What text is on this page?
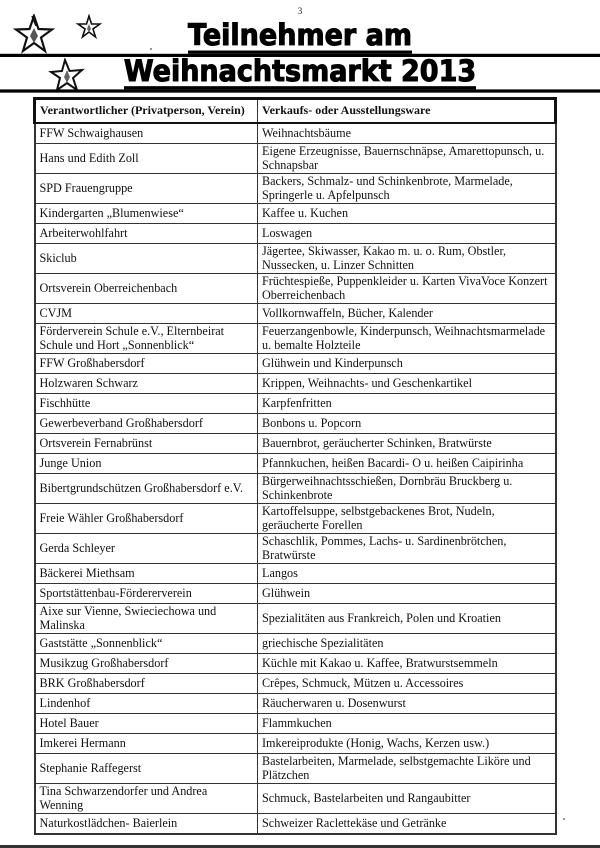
3
Teilnehmer am
Weihnachtsmarkt 2013
Verantwortlicher (Privatperson, Verein)	Verkaufs- oder Ausstellungsware
FFW Schwaighausen	Weihnachtsbäume
Hans und Edith Zoll	Eigene Erzeugnisse, Bauernschnäpse, Amarettopunsch, u. Schnapsbar
SPD Frauengruppe	Backers, Schmalz- und Schinkenbrote, Marmelade, Springerle u. Apfelpunsch
Kindergarten „Blumenwiese“	Kaffee u. Kuchen
Arbeiterwohlfahrt	Loswagen
Skiclub	Jägertee, Skiwasser, Kakao m. u. o. Rum, Obstler, Nussecken, u. Linzer Schnitten
Ortsverein Oberreichenbach	Früchtespieße, Puppenkleider u. Karten VivaVoce Konzert Oberreichenbach
CVJM	Vollkornwaffeln, Bücher, Kalender
Förderverein Schule e.V., Elternbeirat Schule und Hort „Sonnenblick“	Feuerzangenbowle, Kinderpunsch, Weihnachtsmarmelade u. bemalte Holzteile
FFW Großhabersdorf	Glühwein und Kinderpunsch
Holzwaren Schwarz	Krippen, Weihnachts- und Geschenkartikel
Fischhütte	Karpfenfritten
Gewerbeverband Großhabersdorf	Bonbons u. Popcorn
Ortsverein Fernabrünst	Bauernbrot, geräucherter Schinken, Bratwürste
Junge Union	Pfannkuchen, heißen Bacardi- O u. heißen Caipirinha
Bibertgrundschützen Großhabersdorf e.V.	Bürgerweihnachtsschießen, Dornbräu Bruckberg u. Schinkenbrote
Freie Wähler Großhabersdorf	Kartoffelsuppe, selbstgebackenes Brot, Nudeln, geräucherte Forellen
Gerda Schleyer	Schaschlik, Pommes, Lachs- u. Sardinenbrötchen, Bratwürste
Bäckerei Miethsam	Langos
Sportstättenbau-Fördererverein	Glühwein
Aixe sur Vienne, Swieciechowa und Malinska	Spezialitäten aus Frankreich, Polen und Kroatien
Gaststätte „Sonnenblick“	griechische Spezialitäten
Musikzug Großhabersdorf	Küchle mit Kakao u. Kaffee, Bratwurstsemmeln
BRK Großhabersdorf	Crêpes, Schmuck, Mützen u. Accessoires
Lindenhof	Räucherwaren u. Dosenwurst
Hotel Bauer	Flammkuchen
Imkerei Hermann	Imkereiprodukte (Honig, Wachs, Kerzen usw.)
Stephanie Raffegerst	Bastelarbeiten, Marmelade, selbstgemachte Liköre und Plätzchen
Tina Schwarzendorfer und Andrea Wenning	Schmuck, Bastelarbeiten und Rangaubitter
Naturkostlädchen- Baierlein	Schweizer Raclettekäse und Getränke
